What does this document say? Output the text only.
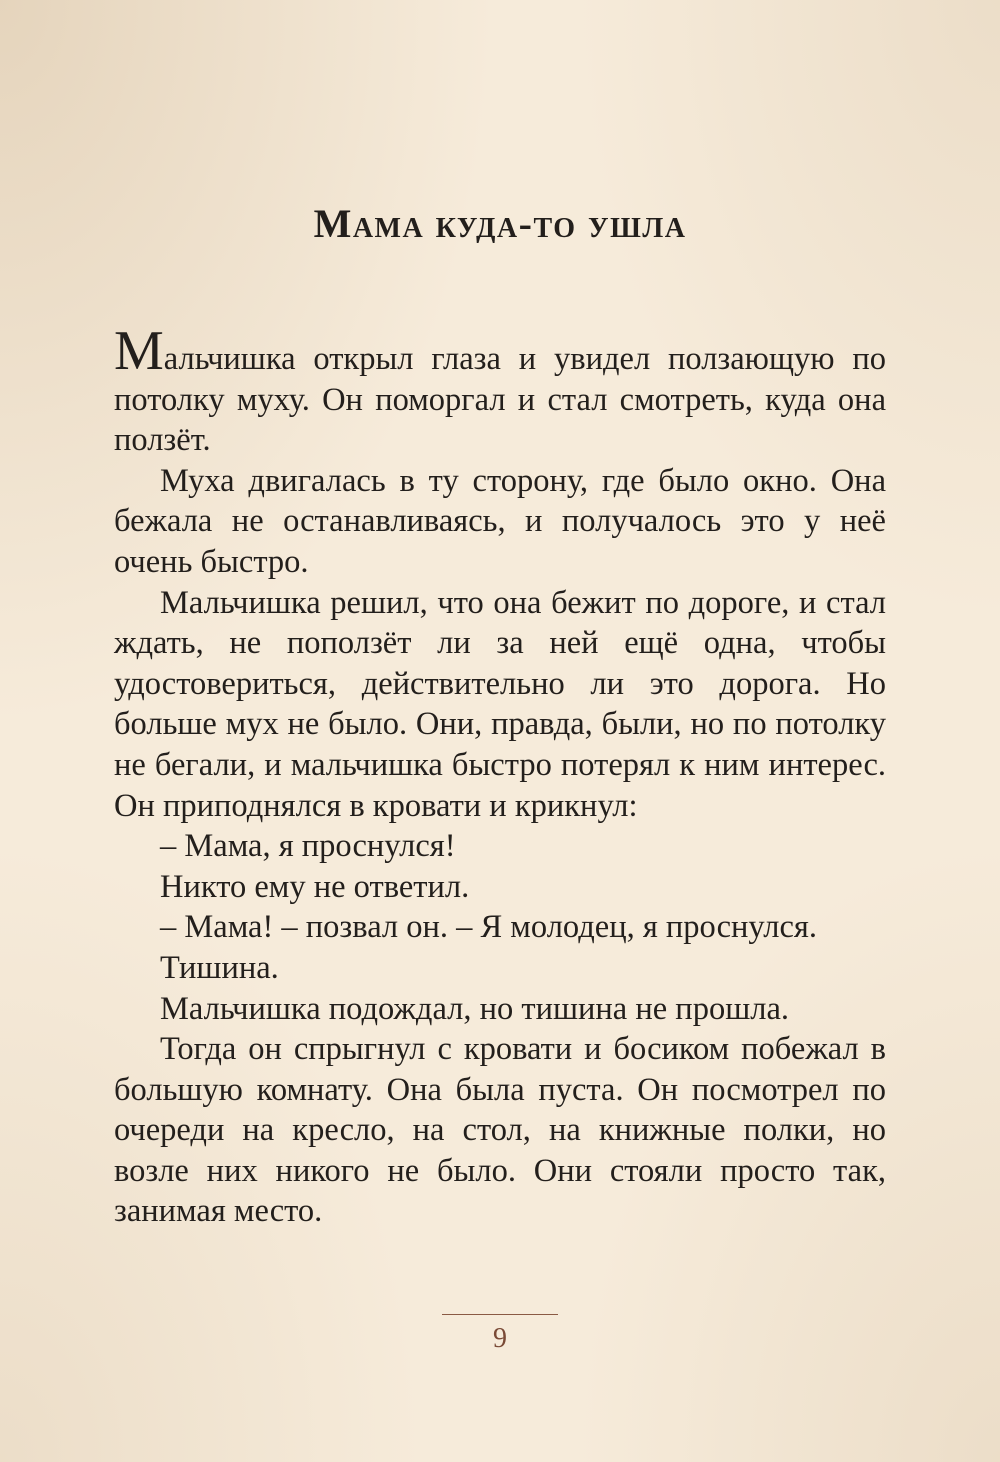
Мама куда-то ушла

Мальчишка открыл глаза и увидел ползающую по потолку муху. Он поморгал и стал смотреть, куда она ползёт.

Муха двигалась в ту сторону, где было окно. Она бежала не останавливаясь, и получалось это у неё очень быстро.

Мальчишка решил, что она бежит по дороге, и стал ждать, не поползёт ли за ней ещё одна, чтобы удостовериться, действительно ли это дорога. Но больше мух не было. Они, правда, были, но по потолку не бегали, и мальчишка быстро потерял к ним интерес. Он приподнялся в кровати и крикнул:

– Мама, я проснулся!

Никто ему не ответил.

– Мама! – позвал он. – Я молодец, я проснулся.

Тишина.

Мальчишка подождал, но тишина не прошла.

Тогда он спрыгнул с кровати и босиком побежал в большую комнату. Она была пуста. Он посмотрел по очереди на кресло, на стол, на книжные полки, но возле них никого не было. Они стояли просто так, занимая место.

9
